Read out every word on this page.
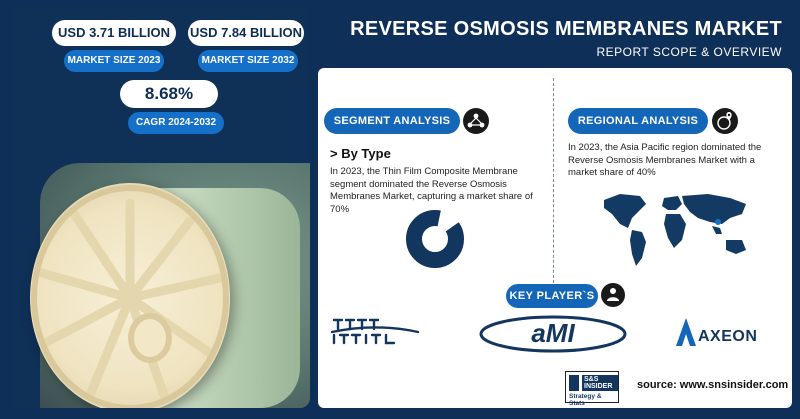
USD 3.71 BILLION
MARKET SIZE 2023
USD 7.84 BILLION
MARKET SIZE 2032
8.68%
CAGR 2024-2032
REVERSE OSMOSIS MEMBRANES MARKET
REPORT SCOPE & OVERVIEW
SEGMENT ANALYSIS
> By Type
In 2023, the Thin Film Composite Membrane segment dominated the Reverse Osmosis Membranes Market, capturing a market share of 70%
REGIONAL ANALYSIS
In 2023, the Asia Pacific region dominated the Reverse Osmosis Membranes Market with a market share of 40%
KEY PLAYER`S
aMI	AXEON
S&S INSIDER
Strategy & Stats
source: www.snsinsider.com
